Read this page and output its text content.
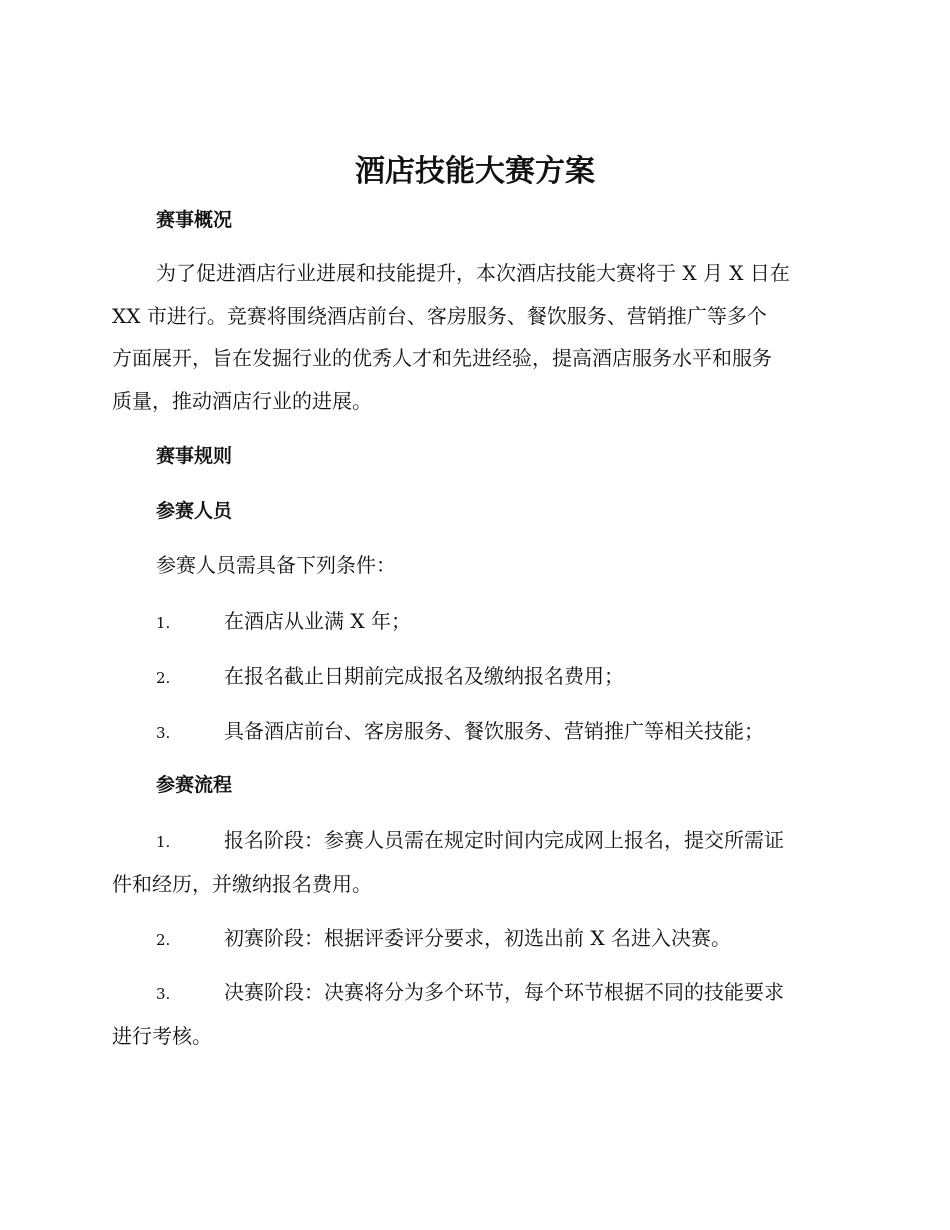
酒店技能大赛方案
赛事概况
为了促进酒店行业进展和技能提升，本次酒店技能大赛将于 X 月 X 日在
XX 市进行。竞赛将围绕酒店前台、客房服务、餐饮服务、营销推广等多个
方面展开，旨在发掘行业的优秀人才和先进经验，提高酒店服务水平和服务
质量，推动酒店行业的进展。
赛事规则
参赛人员

参赛人员需具备下列条件：

1.	在酒店从业满 X 年；
2.	在报名截止日期前完成报名及缴纳报名费用；
3.	具备酒店前台、客房服务、餐饮服务、营销推广等相关技能；
参赛流程
1.	报名阶段：参赛人员需在规定时间内完成网上报名，提交所需证
件和经历，并缴纳报名费用。
2.	初赛阶段：根据评委评分要求，初选出前 X 名进入决赛。
3.	决赛阶段：决赛将分为多个环节，每个环节根据不同的技能要求
进行考核。
